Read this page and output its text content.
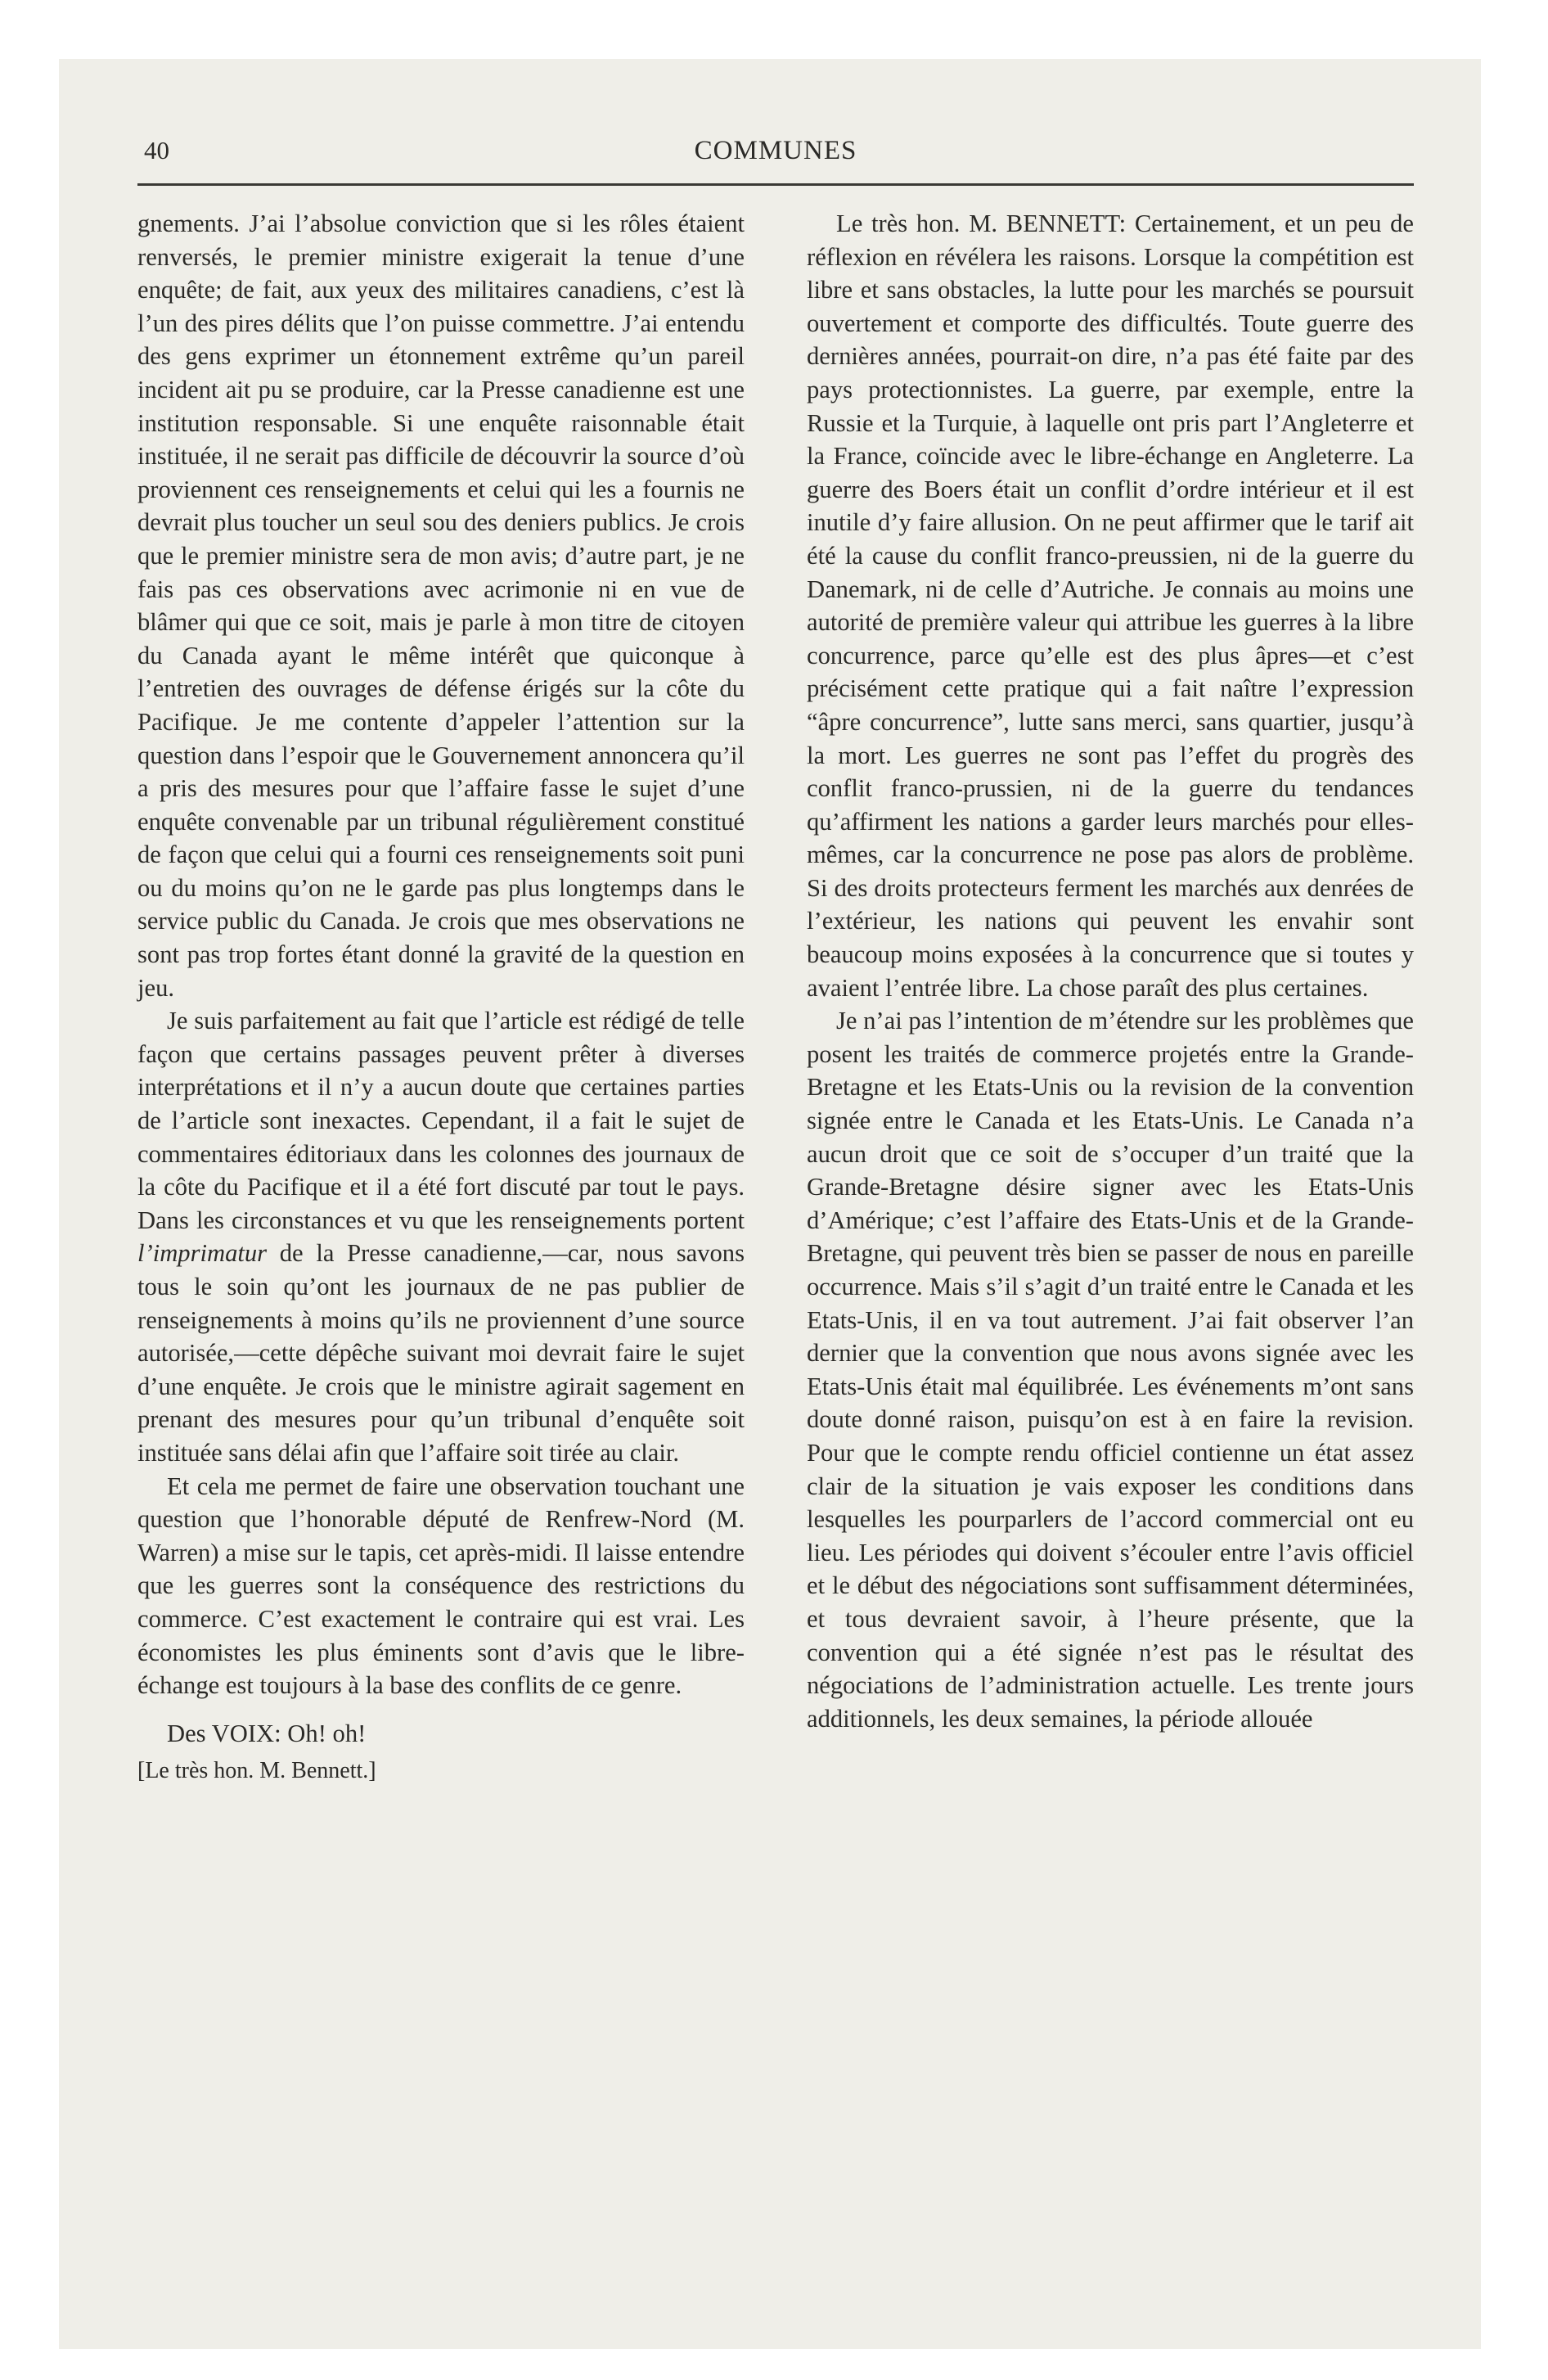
40	COMMUNES

gnements. J’ai l’absolue conviction que si les rôles étaient renversés, le premier ministre exigerait la tenue d’une enquête; de fait, aux yeux des militaires canadiens, c’est là l’un des pires délits que l’on puisse commettre. J’ai entendu des gens exprimer un étonnement extrême qu’un pareil incident ait pu se produire, car la Presse canadienne est une institution responsable. Si une enquête raisonnable était instituée, il ne serait pas difficile de découvrir la source d’où proviennent ces renseignements et celui qui les a fournis ne devrait plus toucher un seul sou des deniers publics. Je crois que le premier ministre sera de mon avis; d’autre part, je ne fais pas ces observations avec acrimonie ni en vue de blâmer qui que ce soit, mais je parle à mon titre de citoyen du Canada ayant le même intérêt que quiconque à l’entretien des ouvrages de défense érigés sur la côte du Pacifique. Je me contente d’appeler l’attention sur la question dans l’espoir que le Gouvernement annoncera qu’il a pris des mesures pour que l’affaire fasse le sujet d’une enquête convenable par un tribunal régulièrement constitué de façon que celui qui a fourni ces renseignements soit puni ou du moins qu’on ne le garde pas plus longtemps dans le service public du Canada. Je crois que mes observations ne sont pas trop fortes étant donné la gravité de la question en jeu.

Je suis parfaitement au fait que l’article est rédigé de telle façon que certains passages peuvent prêter à diverses interprétations et il n’y a aucun doute que certaines parties de l’article sont inexactes. Cependant, il a fait le sujet de commentaires éditoriaux dans les colonnes des journaux de la côte du Pacifique et il a été fort discuté par tout le pays. Dans les circonstances et vu que les renseignements portent l’imprimatur de la Presse canadienne,—car, nous savons tous le soin qu’ont les journaux de ne pas publier de renseignements à moins qu’ils ne proviennent d’une source autorisée,—cette dépêche suivant moi devrait faire le sujet d’une enquête. Je crois que le ministre agirait sagement en prenant des mesures pour qu’un tribunal d’enquête soit instituée sans délai afin que l’affaire soit tirée au clair.

Et cela me permet de faire une observation touchant une question que l’honorable député de Renfrew-Nord (M. Warren) a mise sur le tapis, cet après-midi. Il laisse entendre que les guerres sont la conséquence des restrictions du commerce. C’est exactement le contraire qui est vrai. Les économistes les plus éminents sont d’avis que le libre-échange est toujours à la base des conflits de ce genre.

Des VOIX: Oh! oh!

[Le très hon. M. Bennett.]

Le très hon. M. BENNETT: Certainement, et un peu de réflexion en révélera les raisons. Lorsque la compétition est libre et sans obstacles, la lutte pour les marchés se poursuit ouvertement et comporte des difficultés. Toute guerre des dernières années, pourrait-on dire, n’a pas été faite par des pays protectionnistes. La guerre, par exemple, entre la Russie et la Turquie, à laquelle ont pris part l’Angleterre et la France, coïncide avec le libre-échange en Angleterre. La guerre des Boers était un conflit d’ordre intérieur et il est inutile d’y faire allusion. On ne peut affirmer que le tarif ait été la cause du conflit franco-preussien, ni de la guerre du Danemark, ni de celle d’Autriche. Je connais au moins une autorité de première valeur qui attribue les guerres à la libre concurrence, parce qu’elle est des plus âpres—et c’est précisément cette pratique qui a fait naître l’expression “âpre concurrence”, lutte sans merci, sans quartier, jusqu’à la mort. Les guerres ne sont pas l’effet du progrès des conflit franco-prussien, ni de la guerre du tendances qu’affirment les nations a garder leurs marchés pour elles-mêmes, car la concurrence ne pose pas alors de problème. Si des droits protecteurs ferment les marchés aux denrées de l’extérieur, les nations qui peuvent les envahir sont beaucoup moins exposées à la concurrence que si toutes y avaient l’entrée libre. La chose paraît des plus certaines.

Je n’ai pas l’intention de m’étendre sur les problèmes que posent les traités de commerce projetés entre la Grande-Bretagne et les Etats-Unis ou la revision de la convention signée entre le Canada et les Etats-Unis. Le Canada n’a aucun droit que ce soit de s’occuper d’un traité que la Grande-Bretagne désire signer avec les Etats-Unis d’Amérique; c’est l’affaire des Etats-Unis et de la Grande-Bretagne, qui peuvent très bien se passer de nous en pareille occurrence. Mais s’il s’agit d’un traité entre le Canada et les Etats-Unis, il en va tout autrement. J’ai fait observer l’an dernier que la convention que nous avons signée avec les Etats-Unis était mal équilibrée. Les événements m’ont sans doute donné raison, puisqu’on est à en faire la revision. Pour que le compte rendu officiel contienne un état assez clair de la situation je vais exposer les conditions dans lesquelles les pourparlers de l’accord commercial ont eu lieu. Les périodes qui doivent s’écouler entre l’avis officiel et le début des négociations sont suffisamment déterminées, et tous devraient savoir, à l’heure présente, que la convention qui a été signée n’est pas le résultat des négociations de l’administration actuelle. Les trente jours additionnels, les deux semaines, la période allouée
